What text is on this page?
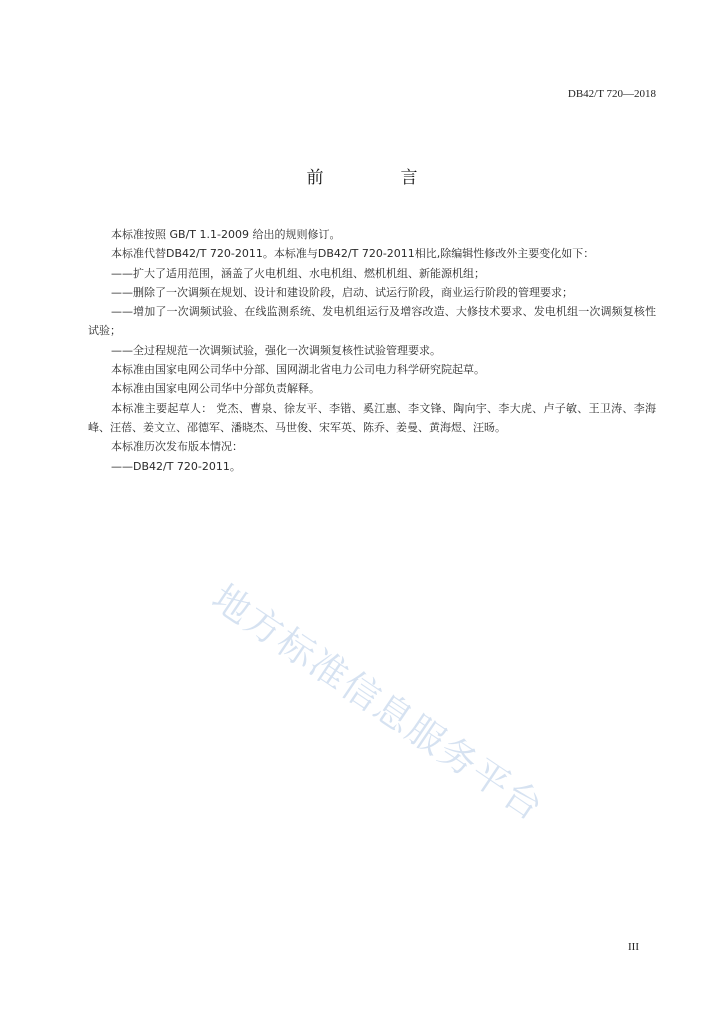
DB42/T 720—2018
前　言

本标准按照 GB/T 1.1-2009 给出的规则修订。

本标准代替DB42/T 720-2011。本标准与DB42/T 720-2011相比,除编辑性修改外主要变化如下：

——扩大了适用范围，涵盖了火电机组、水电机组、燃机机组、新能源机组；

——删除了一次调频在规划、设计和建设阶段，启动、试运行阶段，商业运行阶段的管理要求；

——增加了一次调频试验、在线监测系统、发电机组运行及增容改造、大修技术要求、发电机组一次调频复核性试验；

——全过程规范一次调频试验，强化一次调频复核性试验管理要求。

本标准由国家电网公司华中分部、国网湖北省电力公司电力科学研究院起草。

本标准由国家电网公司华中分部负责解释。

本标准主要起草人： 党杰、曹泉、徐友平、李锴、奚江惠、李文锋、陶向宇、李大虎、卢子敏、王卫涛、李海峰、汪蓓、姜文立、邵德军、潘晓杰、马世俊、宋军英、陈乔、姜曼、黄海煜、汪旸。

本标准历次发布版本情况：

——DB42/T 720-2011。

地方标准信息服务平台
III
